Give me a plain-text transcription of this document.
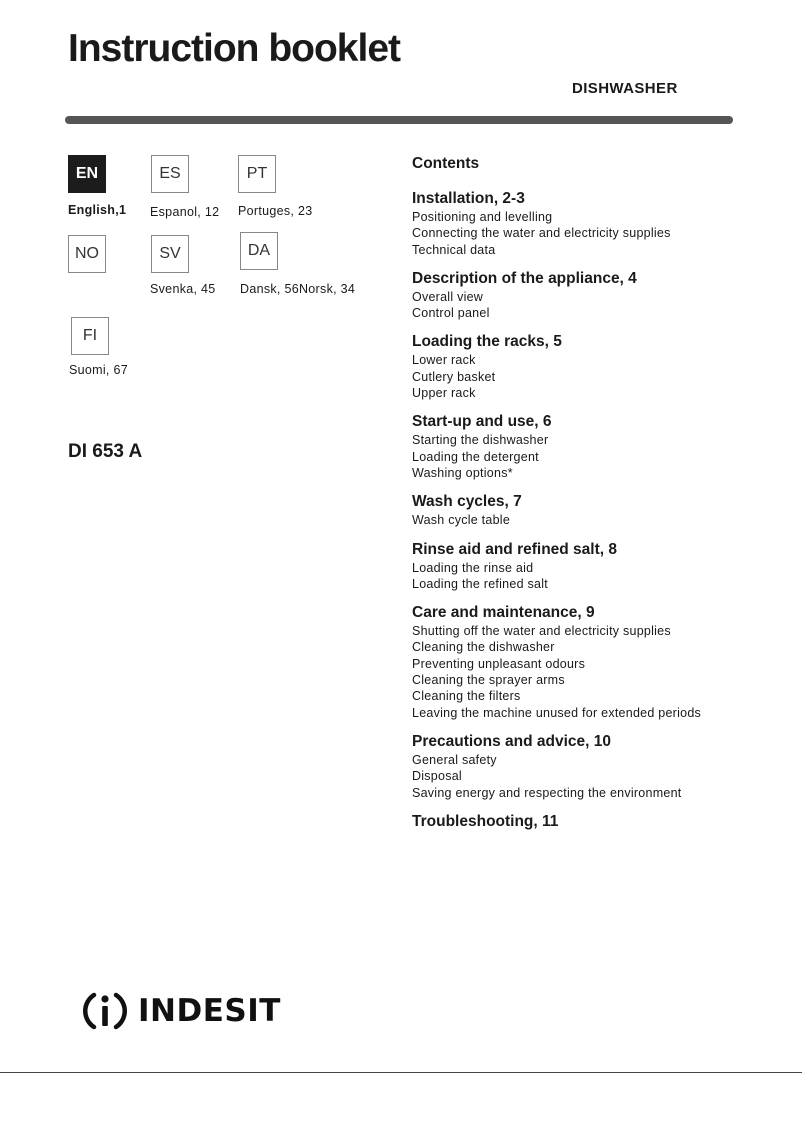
Instruction booklet
DISHWASHER
EN
English,1
ES
Espanol, 12
PT
Portuges, 23
NO	SV
Svenka, 45
DA
Dansk, 56Norsk, 34
FI
Suomi, 67
DI 653 A
Contents
Installation, 2-3
Positioning and levelling
Connecting the water and electricity supplies
Technical data
Description of the appliance, 4
Overall view
Control panel
Loading the racks, 5
Lower rack
Cutlery basket
Upper rack
Start-up and use, 6
Starting the dishwasher
Loading the detergent
Washing options*
Wash cycles, 7
Wash cycle table
Rinse aid and refined salt, 8
Loading the rinse aid
Loading the refined salt
Care and maintenance, 9
Shutting off the water and electricity supplies
Cleaning the dishwasher
Preventing unpleasant odours
Cleaning the sprayer arms
Cleaning the filters
Leaving the machine unused for extended periods
Precautions and advice, 10
General safety
Disposal
Saving energy and respecting the environment
Troubleshooting, 11
INDESIT
